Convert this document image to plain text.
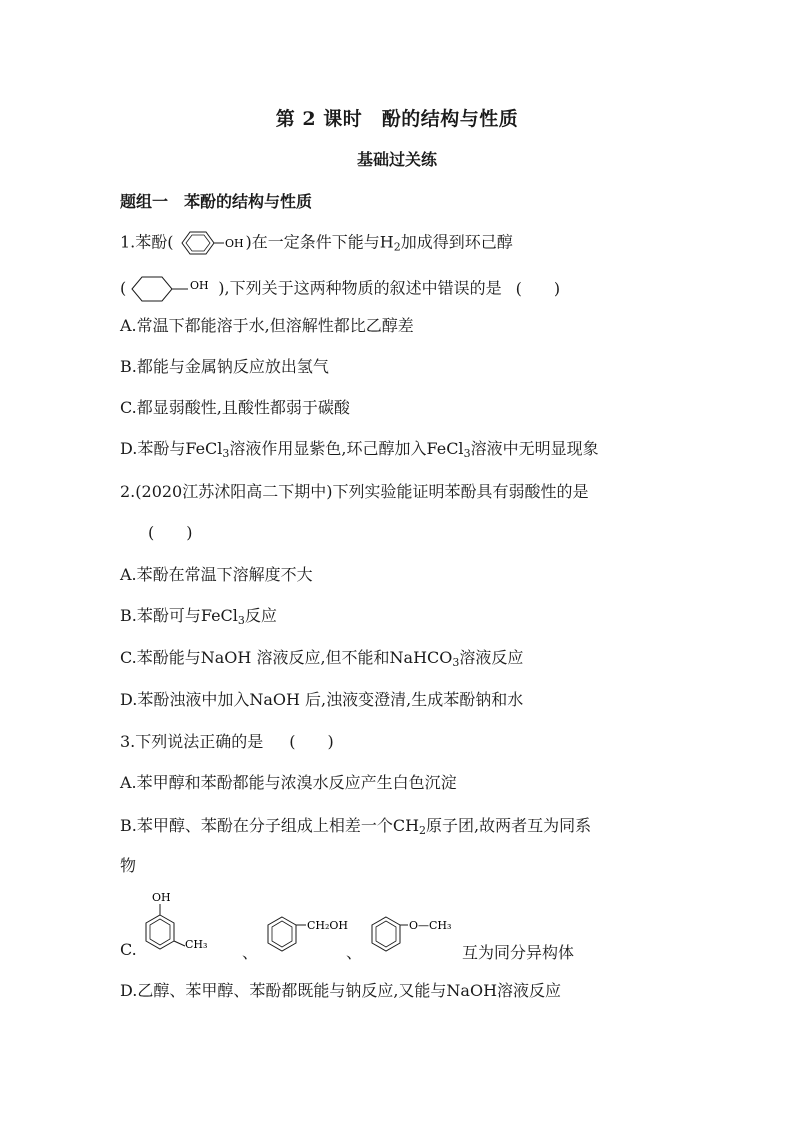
第 2 课时　酚的结构与性质
基础过关练
题组一　苯酚的结构与性质
1.苯酚(	OH )在一定条件下能与$H_2$加成得到环己醇
(	OH ),下列关于这两种物质的叙述中错误的是 (　　)
A.常温下都能溶于水,但溶解性都比乙醇差
B.都能与金属钠反应放出氢气
C.都显弱酸性,且酸性都弱于碳酸
D.苯酚与FeCl$_3$溶液作用显紫色,环己醇加入FeCl$_3$溶液中无明显现象
2.(2020江苏沭阳高二下期中)下列实验能证明苯酚具有弱酸性的是
(　　)
A.苯酚在常温下溶解度不大
B.苯酚可与FeCl$_3$反应
C.苯酚能与NaOH 溶液反应,但不能和NaHCO$_3$溶液反应
D.苯酚浊液中加入NaOH 后,浊液变澄清,生成苯酚钠和水
3.下列说法正确的是 (　　)
A.苯甲醇和苯酚都能与浓溴水反应产生白色沉淀
B.苯甲醇、苯酚在分子组成上相差一个$CH_2$原子团,故两者互为同系
物
C.
OH
CH₃ 、
CH₂OH
、
O—CH₃
互为同分异构体
D.乙醇、苯甲醇、苯酚都既能与钠反应,又能与NaOH溶液反应
